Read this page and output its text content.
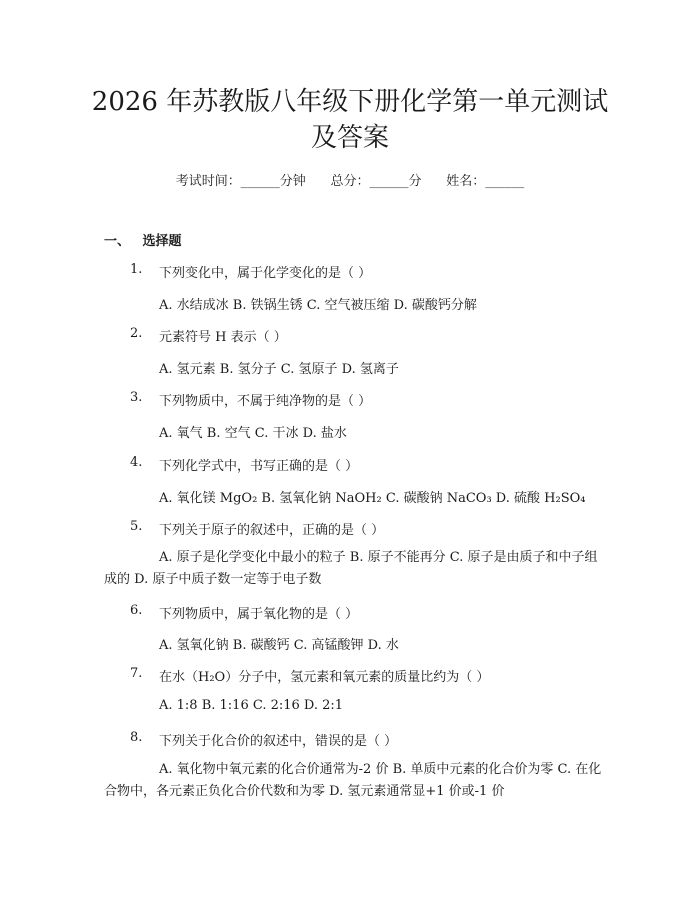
2026 年苏教版八年级下册化学第一单元测试
及答案
考试时间：______分钟      总分：______分      姓名：______
一、 选择题
1. 下列变化中，属于化学变化的是（ ）
A. 水结成冰 B. 铁锅生锈 C. 空气被压缩 D. 碳酸钙分解
2. 元素符号 H 表示（ ）
A. 氢元素 B. 氢分子 C. 氢原子 D. 氢离子
3. 下列物质中，不属于纯净物的是（ ）
A. 氧气 B. 空气 C. 干冰 D. 盐水
4. 下列化学式中，书写正确的是（ ）
A. 氧化镁 MgO₂ B. 氢氧化钠 NaOH₂ C. 碳酸钠 NaCO₃ D. 硫酸 H₂SO₄
5. 下列关于原子的叙述中，正确的是（ ）
A. 原子是化学变化中最小的粒子 B. 原子不能再分 C. 原子是由质子和中子组成的 D. 原子中质子数一定等于电子数
6. 下列物质中，属于氧化物的是（ ）
A. 氢氧化钠 B. 碳酸钙 C. 高锰酸钾 D. 水
7. 在水（H₂O）分子中，氢元素和氧元素的质量比约为（ ）
A. 1:8 B. 1:16 C. 2:16 D. 2:1
8. 下列关于化合价的叙述中，错误的是（ ）
A. 氧化物中氧元素的化合价通常为-2 价 B. 单质中元素的化合价为零 C. 在化合物中，各元素正负化合价代数和为零 D. 氢元素通常显+1 价或-1 价
